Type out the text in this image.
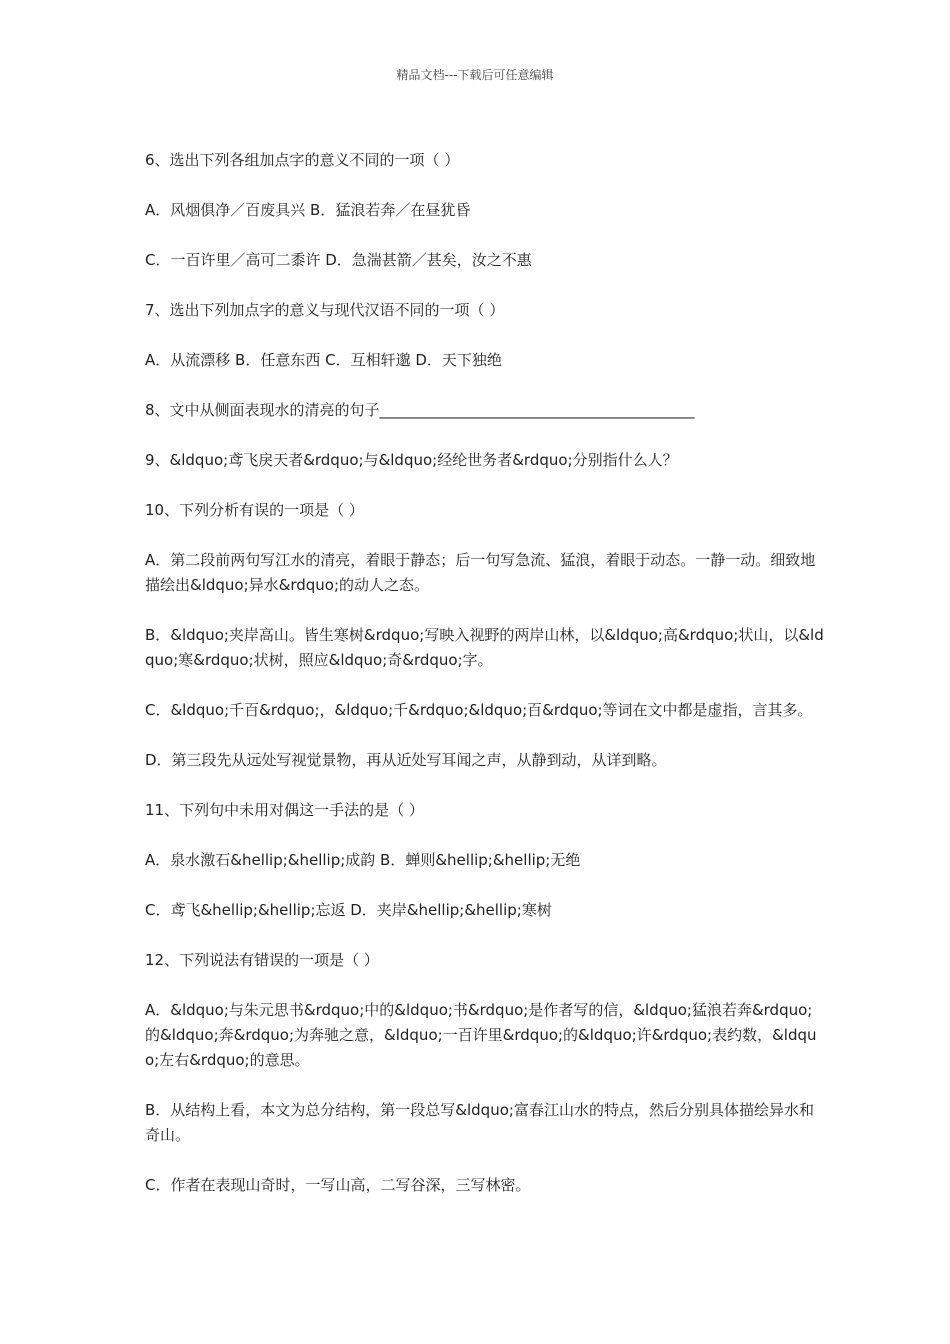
精品文档---下载后可任意编辑

6、选出下列各组加点字的意义不同的一项（ ）

A．风烟俱净／百废具兴 B．猛浪若奔／在昼犹昏

C．一百许里／高可二黍许 D．急湍甚箭／甚矣，汝之不惠

7、选出下列加点字的意义与现代汉语不同的一项（ ）

A．从流漂移 B．任意东西 C．互相轩邈 D．天下独绝

8、文中从侧面表现水的清亮的句子__________________________________________

9、&ldquo;鸢飞戾天者&rdquo;与&ldquo;经纶世务者&rdquo;分别指什么人？

10、下列分析有误的一项是（ ）

A．第二段前两句写江水的清亮，着眼于静态；后一句写急流、猛浪，着眼于动态。一静一动。细致地描绘出&ldquo;异水&rdquo;的动人之态。

B．&ldquo;夹岸高山。皆生寒树&rdquo;写映入视野的两岸山林，以&ldquo;高&rdquo;状山，以&ldquo;寒&rdquo;状树，照应&ldquo;奇&rdquo;字。

C．&ldquo;千百&rdquo;，&ldquo;千&rdquo;&ldquo;百&rdquo;等词在文中都是虚指，言其多。

D．第三段先从远处写视觉景物，再从近处写耳闻之声，从静到动，从详到略。

11、下列句中未用对偶这一手法的是（ ）

A．泉水激石&hellip;&hellip;成韵 B．蝉则&hellip;&hellip;无绝

C．鸢飞&hellip;&hellip;忘返 D．夹岸&hellip;&hellip;寒树

12、下列说法有错误的一项是（ ）

A．&ldquo;与朱元思书&rdquo;中的&ldquo;书&rdquo;是作者写的信，&ldquo;猛浪若奔&rdquo;的&ldquo;奔&rdquo;为奔驰之意，&ldquo;一百许里&rdquo;的&ldquo;许&rdquo;表约数，&ldquo;左右&rdquo;的意思。

B．从结构上看，本文为总分结构，第一段总写&ldquo;富春江山水的特点，然后分别具体描绘异水和奇山。

C．作者在表现山奇时，一写山高，二写谷深，三写林密。
